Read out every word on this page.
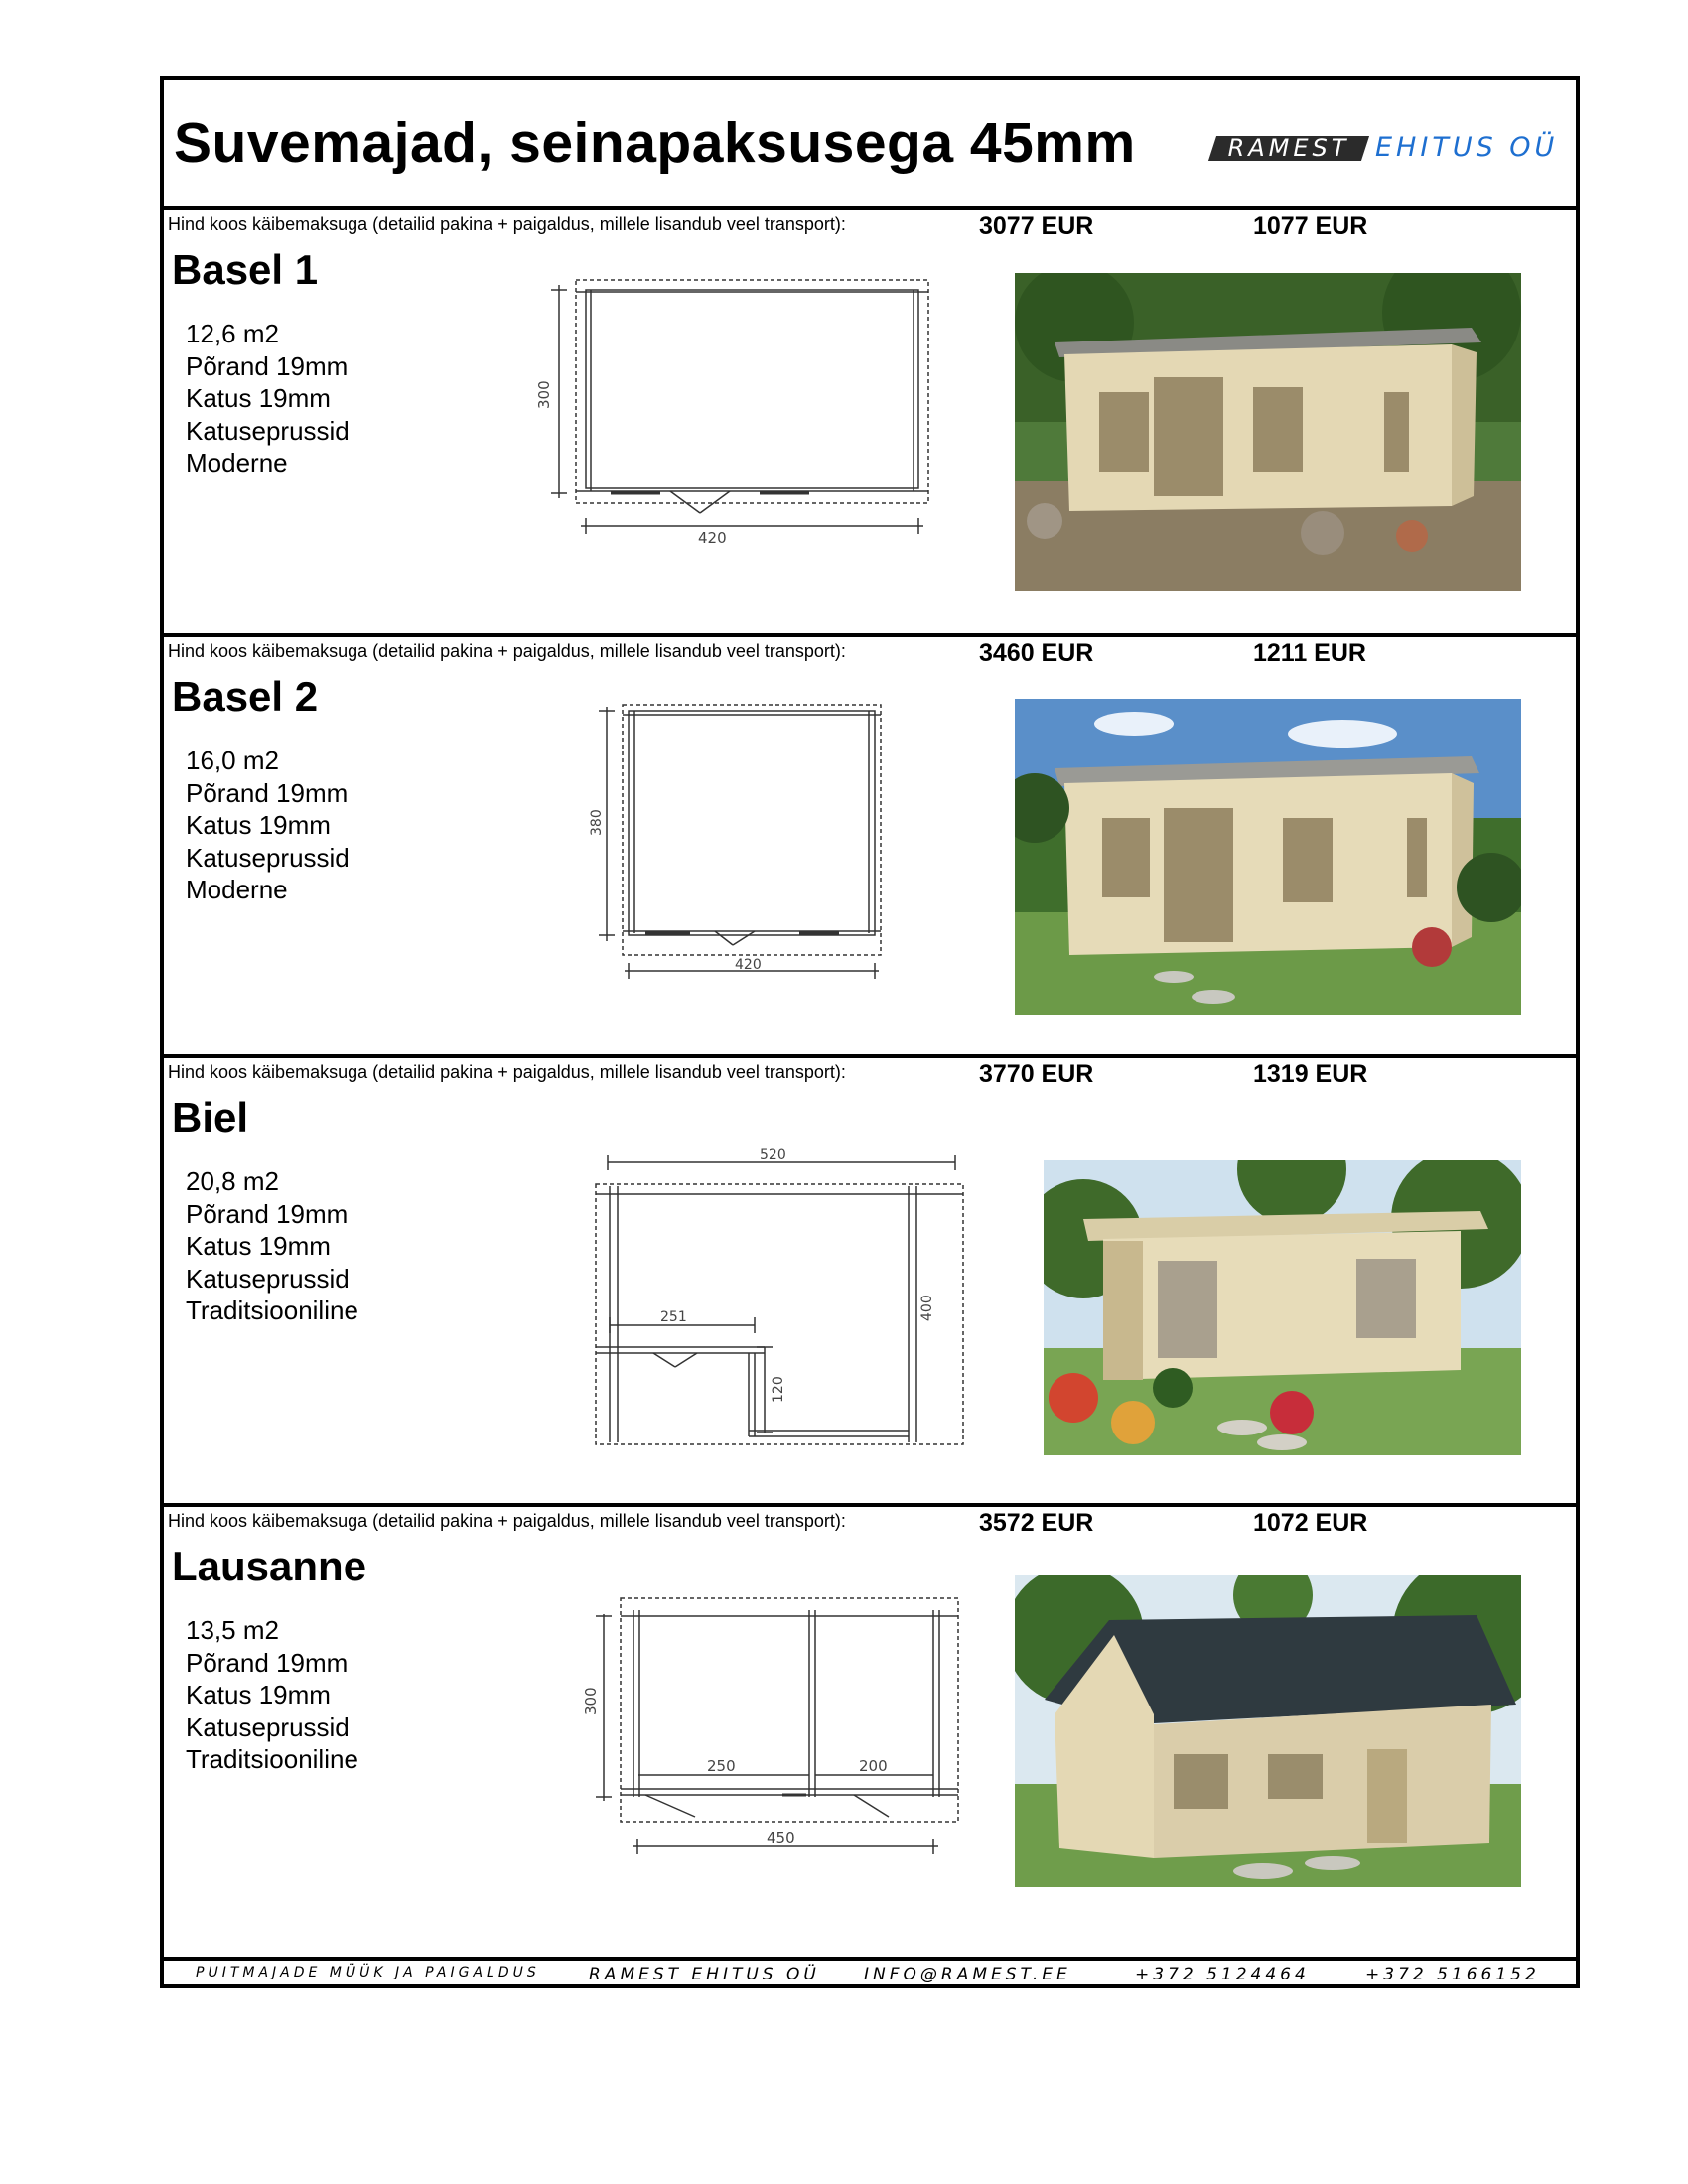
Suvemajad, seinapaksusega 45mm	RAMEST EHITUS OÜ
Hind koos käibemaksuga (detailid pakina + paigaldus, millele lisandub veel transport):	3077 EUR	1077 EUR
Basel 1
12,6 m2
Põrand 19mm
Katus 19mm
Katuseprussid
Moderne
420
300
Hind koos käibemaksuga (detailid pakina + paigaldus, millele lisandub veel transport):	3460 EUR	1211 EUR
Basel 2
16,0 m2
Põrand 19mm
Katus 19mm
Katuseprussid
Moderne
420
380
Hind koos käibemaksuga (detailid pakina + paigaldus, millele lisandub veel transport):	3770 EUR	1319 EUR
Biel
20,8 m2
Põrand 19mm
Katus 19mm
Katuseprussid
Traditsiooniline
520
251	400
120
Hind koos käibemaksuga (detailid pakina + paigaldus, millele lisandub veel transport):	3572 EUR	1072 EUR
Lausanne
13,5 m2
Põrand 19mm
Katus 19mm
Katuseprussid
Traditsiooniline
450
250	200
300
PUITMAJADE MÜÜK JA PAIGALDUS	RAMEST EHITUS OÜ	INFO@RAMEST.EE	+372 5124464	+372 5166152
